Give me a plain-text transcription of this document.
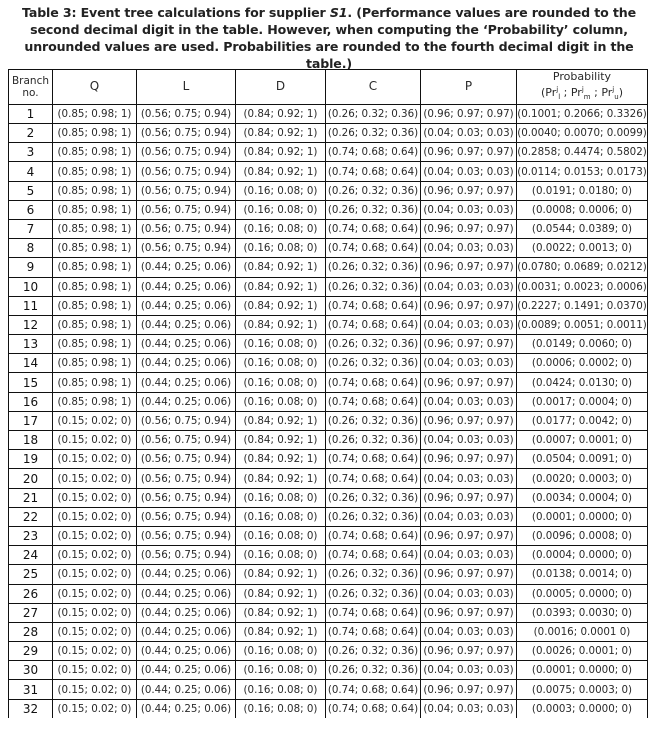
Table 3: Event tree calculations for supplier S1. (Performance values are rounded to the second decimal digit in the table. However, when computing the ‘Probability’ column, unrounded values are used. Probabilities are rounded to the fourth decimal digit in the table.)
Branch
no.	Q	L	D	C	P	Probability
($Pr^j_l$ ; $Pr^j_m$ ; $Pr^j_u$)
1	(0.85; 0.98; 1)	(0.56; 0.75; 0.94)	(0.84; 0.92; 1)	(0.26; 0.32; 0.36)	(0.96; 0.97; 0.97)	(0.1001; 0.2066; 0.3326)
2	(0.85; 0.98; 1)	(0.56; 0.75; 0.94)	(0.84; 0.92; 1)	(0.26; 0.32; 0.36)	(0.04; 0.03; 0.03)	(0.0040; 0.0070; 0.0099)
3	(0.85; 0.98; 1)	(0.56; 0.75; 0.94)	(0.84; 0.92; 1)	(0.74; 0.68; 0.64)	(0.96; 0.97; 0.97)	(0.2858; 0.4474; 0.5802)
4	(0.85; 0.98; 1)	(0.56; 0.75; 0.94)	(0.84; 0.92; 1)	(0.74; 0.68; 0.64)	(0.04; 0.03; 0.03)	(0.0114; 0.0153; 0.0173)
5	(0.85; 0.98; 1)	(0.56; 0.75; 0.94)	(0.16; 0.08; 0)	(0.26; 0.32; 0.36)	(0.96; 0.97; 0.97)	(0.0191; 0.0180; 0)
6	(0.85; 0.98; 1)	(0.56; 0.75; 0.94)	(0.16; 0.08; 0)	(0.26; 0.32; 0.36)	(0.04; 0.03; 0.03)	(0.0008; 0.0006; 0)
7	(0.85; 0.98; 1)	(0.56; 0.75; 0.94)	(0.16; 0.08; 0)	(0.74; 0.68; 0.64)	(0.96; 0.97; 0.97)	(0.0544; 0.0389; 0)
8	(0.85; 0.98; 1)	(0.56; 0.75; 0.94)	(0.16; 0.08; 0)	(0.74; 0.68; 0.64)	(0.04; 0.03; 0.03)	(0.0022; 0.0013; 0)
9	(0.85; 0.98; 1)	(0.44; 0.25; 0.06)	(0.84; 0.92; 1)	(0.26; 0.32; 0.36)	(0.96; 0.97; 0.97)	(0.0780; 0.0689; 0.0212)
10	(0.85; 0.98; 1)	(0.44; 0.25; 0.06)	(0.84; 0.92; 1)	(0.26; 0.32; 0.36)	(0.04; 0.03; 0.03)	(0.0031; 0.0023; 0.0006)
11	(0.85; 0.98; 1)	(0.44; 0.25; 0.06)	(0.84; 0.92; 1)	(0.74; 0.68; 0.64)	(0.96; 0.97; 0.97)	(0.2227; 0.1491; 0.0370)
12	(0.85; 0.98; 1)	(0.44; 0.25; 0.06)	(0.84; 0.92; 1)	(0.74; 0.68; 0.64)	(0.04; 0.03; 0.03)	(0.0089; 0.0051; 0.0011)
13	(0.85; 0.98; 1)	(0.44; 0.25; 0.06)	(0.16; 0.08; 0)	(0.26; 0.32; 0.36)	(0.96; 0.97; 0.97)	(0.0149; 0.0060; 0)
14	(0.85; 0.98; 1)	(0.44; 0.25; 0.06)	(0.16; 0.08; 0)	(0.26; 0.32; 0.36)	(0.04; 0.03; 0.03)	(0.0006; 0.0002; 0)
15	(0.85; 0.98; 1)	(0.44; 0.25; 0.06)	(0.16; 0.08; 0)	(0.74; 0.68; 0.64)	(0.96; 0.97; 0.97)	(0.0424; 0.0130; 0)
16	(0.85; 0.98; 1)	(0.44; 0.25; 0.06)	(0.16; 0.08; 0)	(0.74; 0.68; 0.64)	(0.04; 0.03; 0.03)	(0.0017; 0.0004; 0)
17	(0.15; 0.02; 0)	(0.56; 0.75; 0.94)	(0.84; 0.92; 1)	(0.26; 0.32; 0.36)	(0.96; 0.97; 0.97)	(0.0177; 0.0042; 0)
18	(0.15; 0.02; 0)	(0.56; 0.75; 0.94)	(0.84; 0.92; 1)	(0.26; 0.32; 0.36)	(0.04; 0.03; 0.03)	(0.0007; 0.0001; 0)
19	(0.15; 0.02; 0)	(0.56; 0.75; 0.94)	(0.84; 0.92; 1)	(0.74; 0.68; 0.64)	(0.96; 0.97; 0.97)	(0.0504; 0.0091; 0)
20	(0.15; 0.02; 0)	(0.56; 0.75; 0.94)	(0.84; 0.92; 1)	(0.74; 0.68; 0.64)	(0.04; 0.03; 0.03)	(0.0020; 0.0003; 0)
21	(0.15; 0.02; 0)	(0.56; 0.75; 0.94)	(0.16; 0.08; 0)	(0.26; 0.32; 0.36)	(0.96; 0.97; 0.97)	(0.0034; 0.0004; 0)
22	(0.15; 0.02; 0)	(0.56; 0.75; 0.94)	(0.16; 0.08; 0)	(0.26; 0.32; 0.36)	(0.04; 0.03; 0.03)	(0.0001; 0.0000; 0)
23	(0.15; 0.02; 0)	(0.56; 0.75; 0.94)	(0.16; 0.08; 0)	(0.74; 0.68; 0.64)	(0.96; 0.97; 0.97)	(0.0096; 0.0008; 0)
24	(0.15; 0.02; 0)	(0.56; 0.75; 0.94)	(0.16; 0.08; 0)	(0.74; 0.68; 0.64)	(0.04; 0.03; 0.03)	(0.0004; 0.0000; 0)
25	(0.15; 0.02; 0)	(0.44; 0.25; 0.06)	(0.84; 0.92; 1)	(0.26; 0.32; 0.36)	(0.96; 0.97; 0.97)	(0.0138; 0.0014; 0)
26	(0.15; 0.02; 0)	(0.44; 0.25; 0.06)	(0.84; 0.92; 1)	(0.26; 0.32; 0.36)	(0.04; 0.03; 0.03)	(0.0005; 0.0000; 0)
27	(0.15; 0.02; 0)	(0.44; 0.25; 0.06)	(0.84; 0.92; 1)	(0.74; 0.68; 0.64)	(0.96; 0.97; 0.97)	(0.0393; 0.0030; 0)
28	(0.15; 0.02; 0)	(0.44; 0.25; 0.06)	(0.84; 0.92; 1)	(0.74; 0.68; 0.64)	(0.04; 0.03; 0.03)	(0.0016; 0.0001 0)
29	(0.15; 0.02; 0)	(0.44; 0.25; 0.06)	(0.16; 0.08; 0)	(0.26; 0.32; 0.36)	(0.96; 0.97; 0.97)	(0.0026; 0.0001; 0)
30	(0.15; 0.02; 0)	(0.44; 0.25; 0.06)	(0.16; 0.08; 0)	(0.26; 0.32; 0.36)	(0.04; 0.03; 0.03)	(0.0001; 0.0000; 0)
31	(0.15; 0.02; 0)	(0.44; 0.25; 0.06)	(0.16; 0.08; 0)	(0.74; 0.68; 0.64)	(0.96; 0.97; 0.97)	(0.0075; 0.0003; 0)
32	(0.15; 0.02; 0)	(0.44; 0.25; 0.06)	(0.16; 0.08; 0)	(0.74; 0.68; 0.64)	(0.04; 0.03; 0.03)	(0.0003; 0.0000; 0)
